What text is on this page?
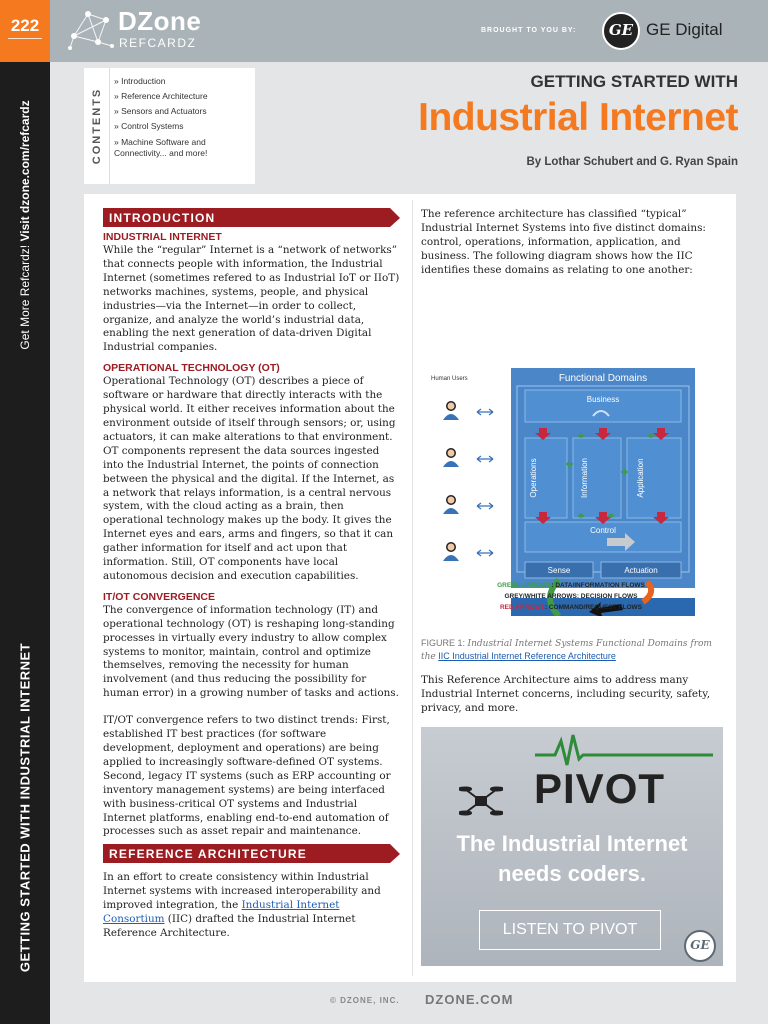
222
Get More Refcardz! Visit dzone.com/refcardz
GETTING STARTED WITH INDUSTRIAL INTERNET
DZone
REFCARDZ
BROUGHT TO YOU BY:	GE GE Digital
CONTENTS
» Introduction
» Reference Architecture
» Sensors and Actuators
» Control Systems
» Machine Software and Connectivity... and more!
GETTING STARTED WITH
Industrial Internet
By Lothar Schubert and G. Ryan Spain
INTRODUCTION
INDUSTRIAL INTERNET

While the “regular” Internet is a “network of networks” that connects people with information, the Industrial Internet (sometimes refered to as Industrial IoT or IIoT) networks machines, systems, people, and physical industries—via the Internet—in order to collect, organize, and analyze the world’s industrial data, enabling the next generation of data-driven Digital Industrial companies.

OPERATIONAL TECHNOLOGY (OT)

Operational Technology (OT) describes a piece of software or hardware that directly interacts with the physical world. It either receives information about the environment outside of itself through sensors; or, using actuators, it can make alterations to that environment. OT components represent the data sources ingested into the Industrial Internet, the points of connection between the physical and the digital. If the Internet, as a network that relays information, is a central nervous system, with the cloud acting as a brain, then operational technology makes up the body. It gives the Internet eyes and ears, arms and fingers, so that it can gather information for itself and act upon that information. Still, OT components have local autonomous decision and execution capabilities.

IT/OT CONVERGENCE

The convergence of information technology (IT) and operational technology (OT) is reshaping long-standing processes in virtually every industry to allow complex systems to monitor, maintain, control and optimize themselves, removing the necessity for human involvement (and thus reducing the possibility for human error) in a growing number of tasks and actions.

IT/OT convergence refers to two distinct trends: First, established IT best practices (for software development, deployment and operations) are being applied to increasingly software-defined OT systems. Second, legacy IT systems (such as ERP accounting or inventory management systems) are being interfaced with business-critical OT systems and Industrial Internet platforms, enabling end-to-end automation of processes such as asset repair and maintenance.

REFERENCE ARCHITECTURE

In an effort to create consistency within Industrial Internet systems with increased interoperability and improved integration, the Industrial Internet Consortium (IIC) drafted the Industrial Internet Reference Architecture.

The reference architecture has classified “typical” Industrial Internet Systems into five distinct domains: control, operations, information, application, and business. The following diagram shows how the IIC identifies these domains as relating to one another:

Human Users	Functional Domains
Business
Operations	Information	Application
Control
Sense	Actuation
GREEN ARROWS: DATA/INFORMATION FLOWS
GREY/WHITE ARROWS: DECISION FLOWS
RED ARROWS: COMMAND/REQUEST FLOWS
FIGURE 1: Industrial Internet Systems Functional Domains from the IIC Industrial Internet Reference Architecture

This Reference Architecture aims to address many Industrial Internet concerns, including security, safety, privacy, and more.

PIVOT
The Industrial Internet
needs coders.
LISTEN TO PIVOT
GE
© DZONE, INC. DZONE.COM
